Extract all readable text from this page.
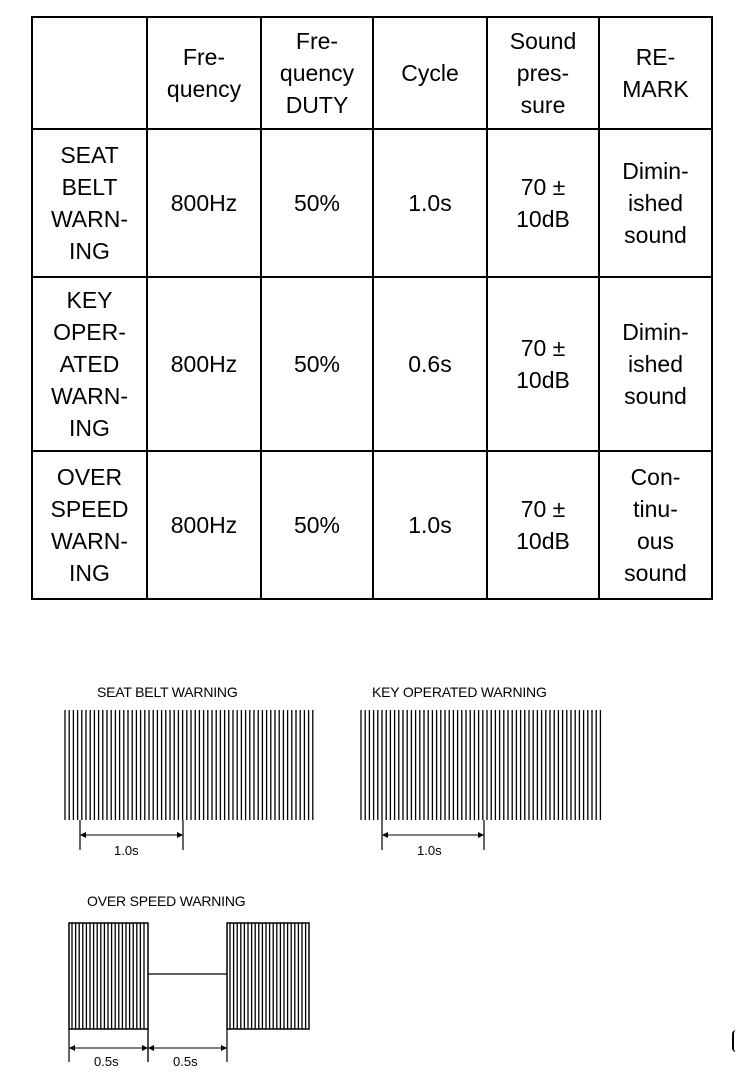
	Fre-
quency	Fre-
quency
DUTY	Cycle	Sound
pres-
sure	RE-
MARK

SEAT
BELT
WARN-
ING	800Hz	50%	1.0s	70 ±
10dB	Dimin-
ished
sound

KEY
OPER-
ATED
WARN-
ING	800Hz	50%	0.6s	70 ±
10dB	Dimin-
ished
sound

OVER
SPEED
WARN-
ING	800Hz	50%	1.0s	70 ±
10dB	Con-
tinu-
ous
sound
SEAT BELT WARNING
1.0s
KEY OPERATED WARNING
1.0s
OVER SPEED WARNING
0.5s	0.5s
